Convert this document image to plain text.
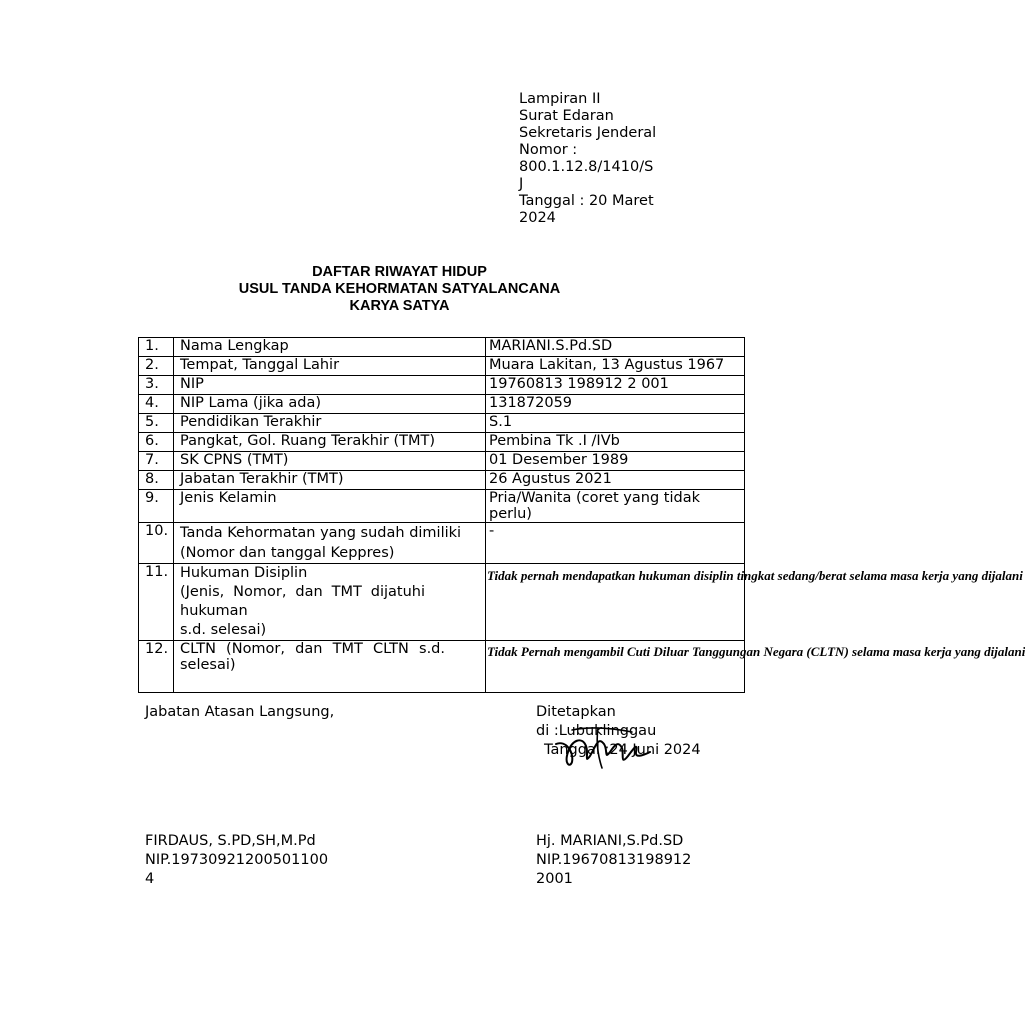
Lampiran II
Surat Edaran
Sekretaris Jenderal
Nomor :
800.1.12.8/1410/S
J
Tanggal : 20 Maret
2024
DAFTAR RIWAYAT HIDUP
USUL TANDA KEHORMATAN SATYALANCANA
KARYA SATYA
1.	Nama Lengkap	MARIANI.S.Pd.SD
2.	Tempat, Tanggal Lahir	Muara Lakitan, 13 Agustus 1967
3.	NIP	19760813 198912 2 001
4.	NIP Lama (jika ada)	131872059
5.	Pendidikan Terakhir	S.1
6.	Pangkat, Gol. Ruang Terakhir (TMT)	Pembina Tk .I /IVb
7.	SK CPNS (TMT)	01 Desember 1989
8.	Jabatan Terakhir (TMT)	26 Agustus 2021
9.	Jenis Kelamin	Pria/Wanita (coret yang tidak perlu)
10.	Tanda Kehormatan yang sudah dimiliki
(Nomor dan tanggal Keppres)	-
11.	Hukuman Disiplin
(Jenis, Nomor, dan TMT dijatuhi hukuman
s.d. selesai)	Tidak pernah mendapatkan hukuman disiplin tingkat sedang/berat selama masa kerja yang dijalani
12.	CLTN (Nomor, dan TMT CLTN s.d. selesai)	Tidak Pernah mengambil Cuti Diluar Tanggungan Negara (CLTN) selama masa kerja yang dijalani
Jabatan Atasan Langsung,	Ditetapkan
di :Lubuklinggau
Tanggal :24 Juni 2024
FIRDAUS, S.PD,SH,M.Pd
NIP.19730921200501100
4
Hj. MARIANI,S.Pd.SD
NIP.19670813198912
2001
